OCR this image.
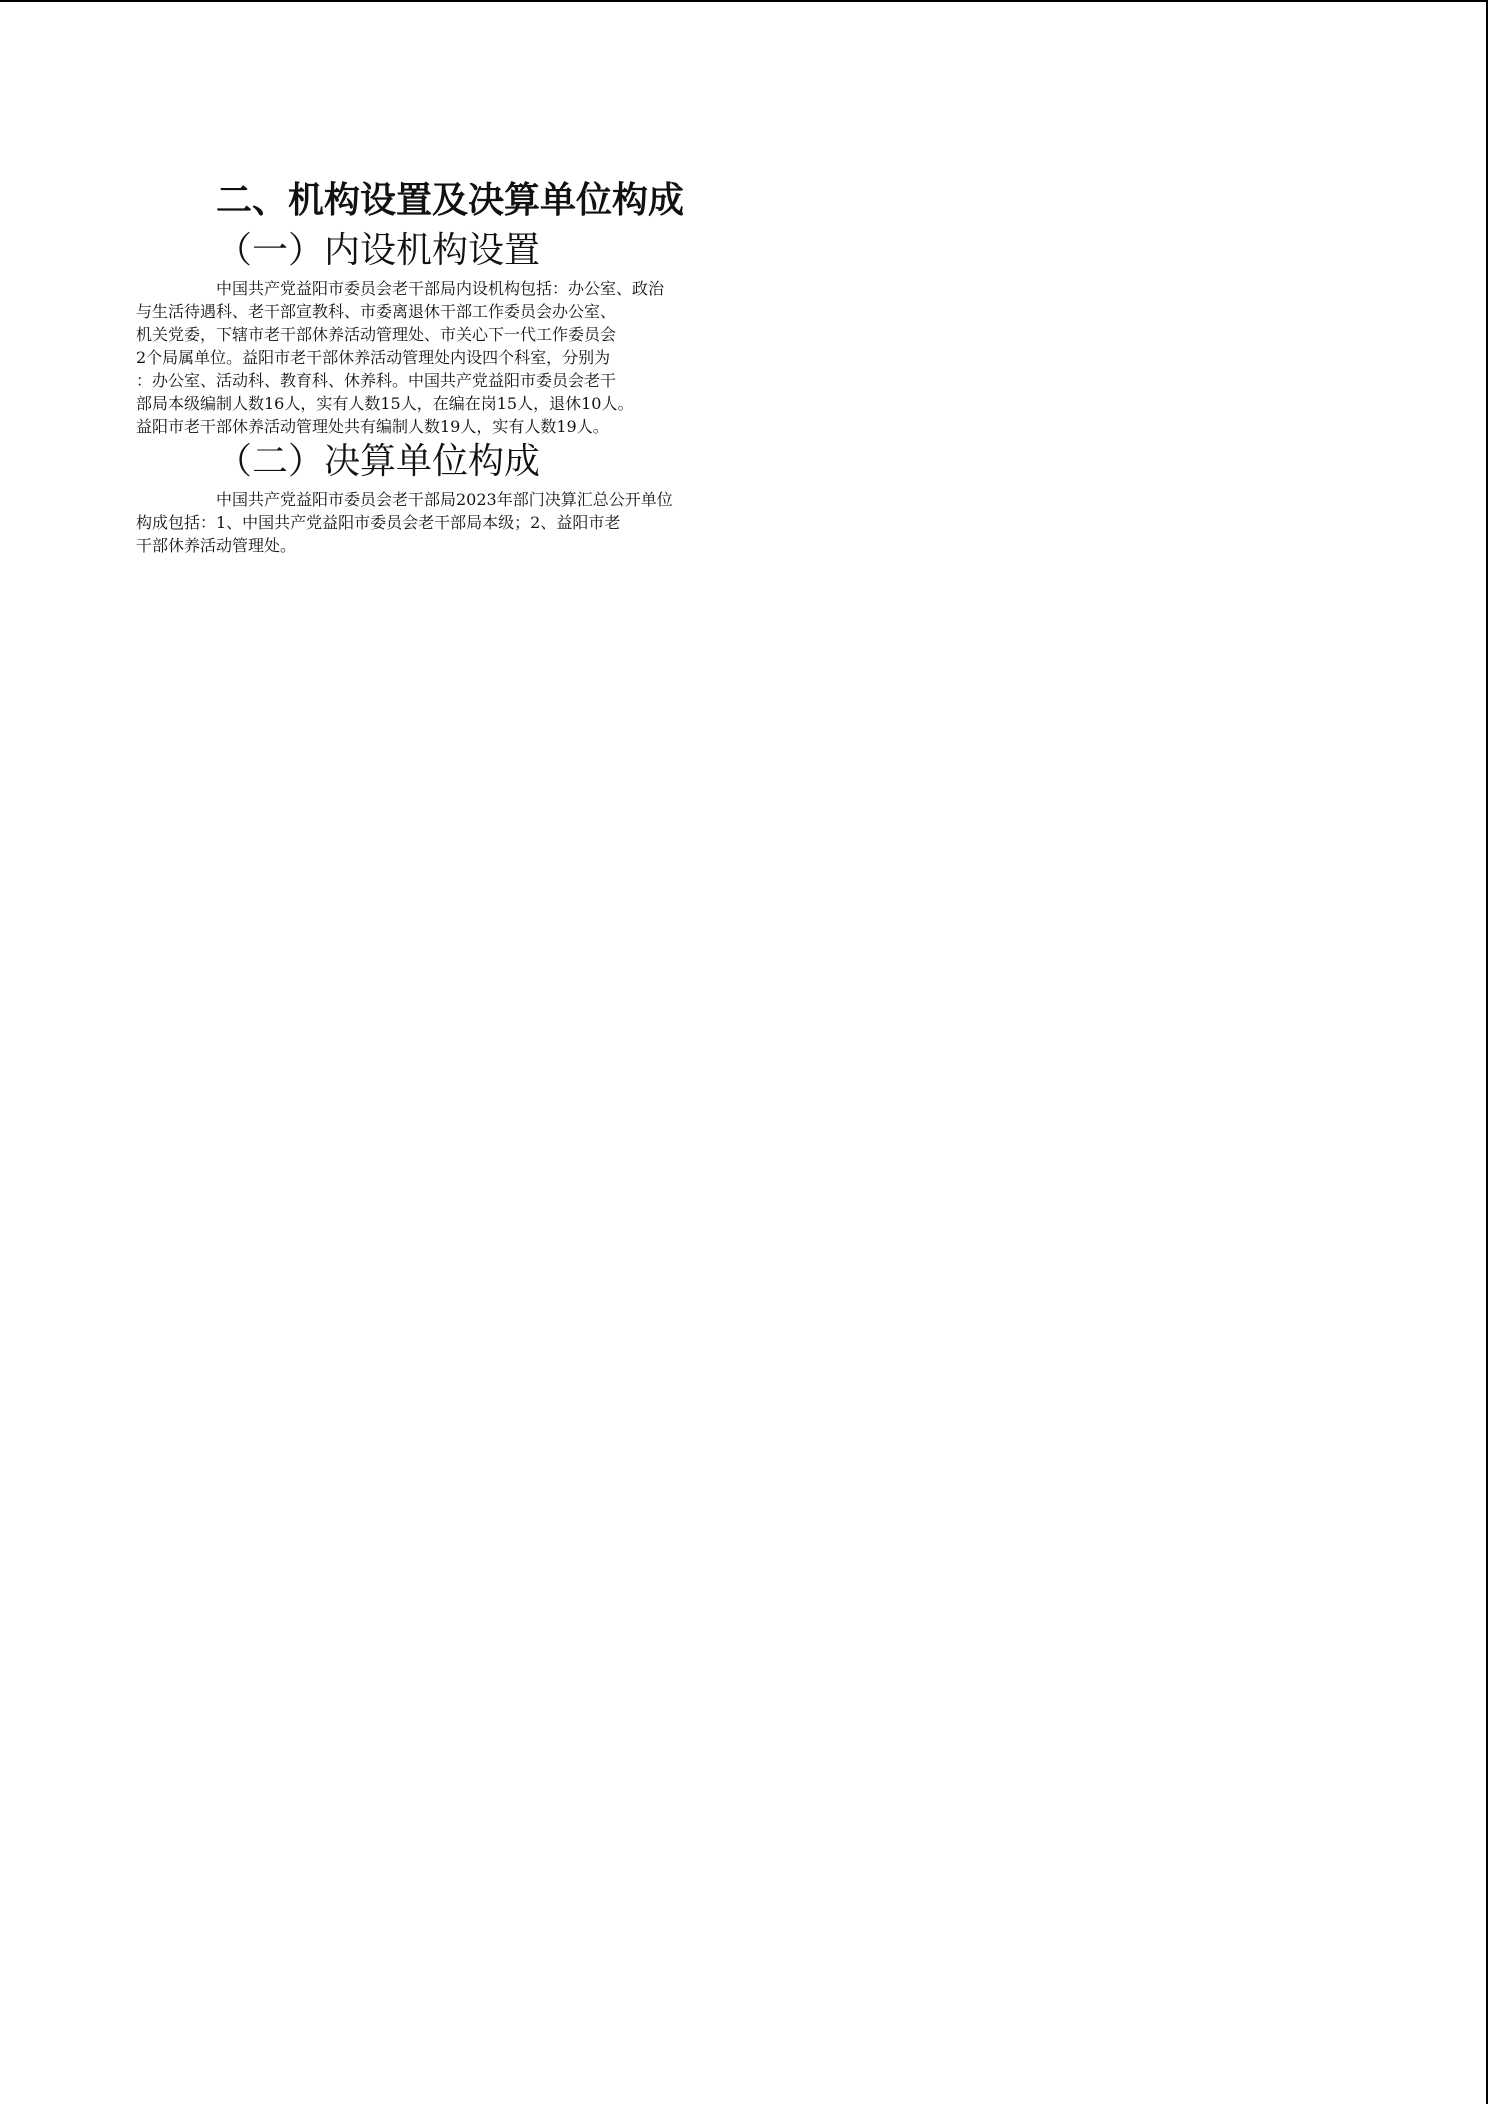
二、机构设置及决算单位构成

（一）内设机构设置

中国共产党益阳市委员会老干部局内设机构包括：办公室、政治
与生活待遇科、老干部宣教科、市委离退休干部工作委员会办公室、
机关党委，下辖市老干部休养活动管理处、市关心下一代工作委员会
2个局属单位。益阳市老干部休养活动管理处内设四个科室，分别为
：办公室、活动科、教育科、休养科。中国共产党益阳市委员会老干
部局本级编制人数16人，实有人数15人，在编在岗15人，退休10人。
益阳市老干部休养活动管理处共有编制人数19人，实有人数19人。

（二）决算单位构成

中国共产党益阳市委员会老干部局2023年部门决算汇总公开单位
构成包括：1、中国共产党益阳市委员会老干部局本级；2、益阳市老
干部休养活动管理处。
